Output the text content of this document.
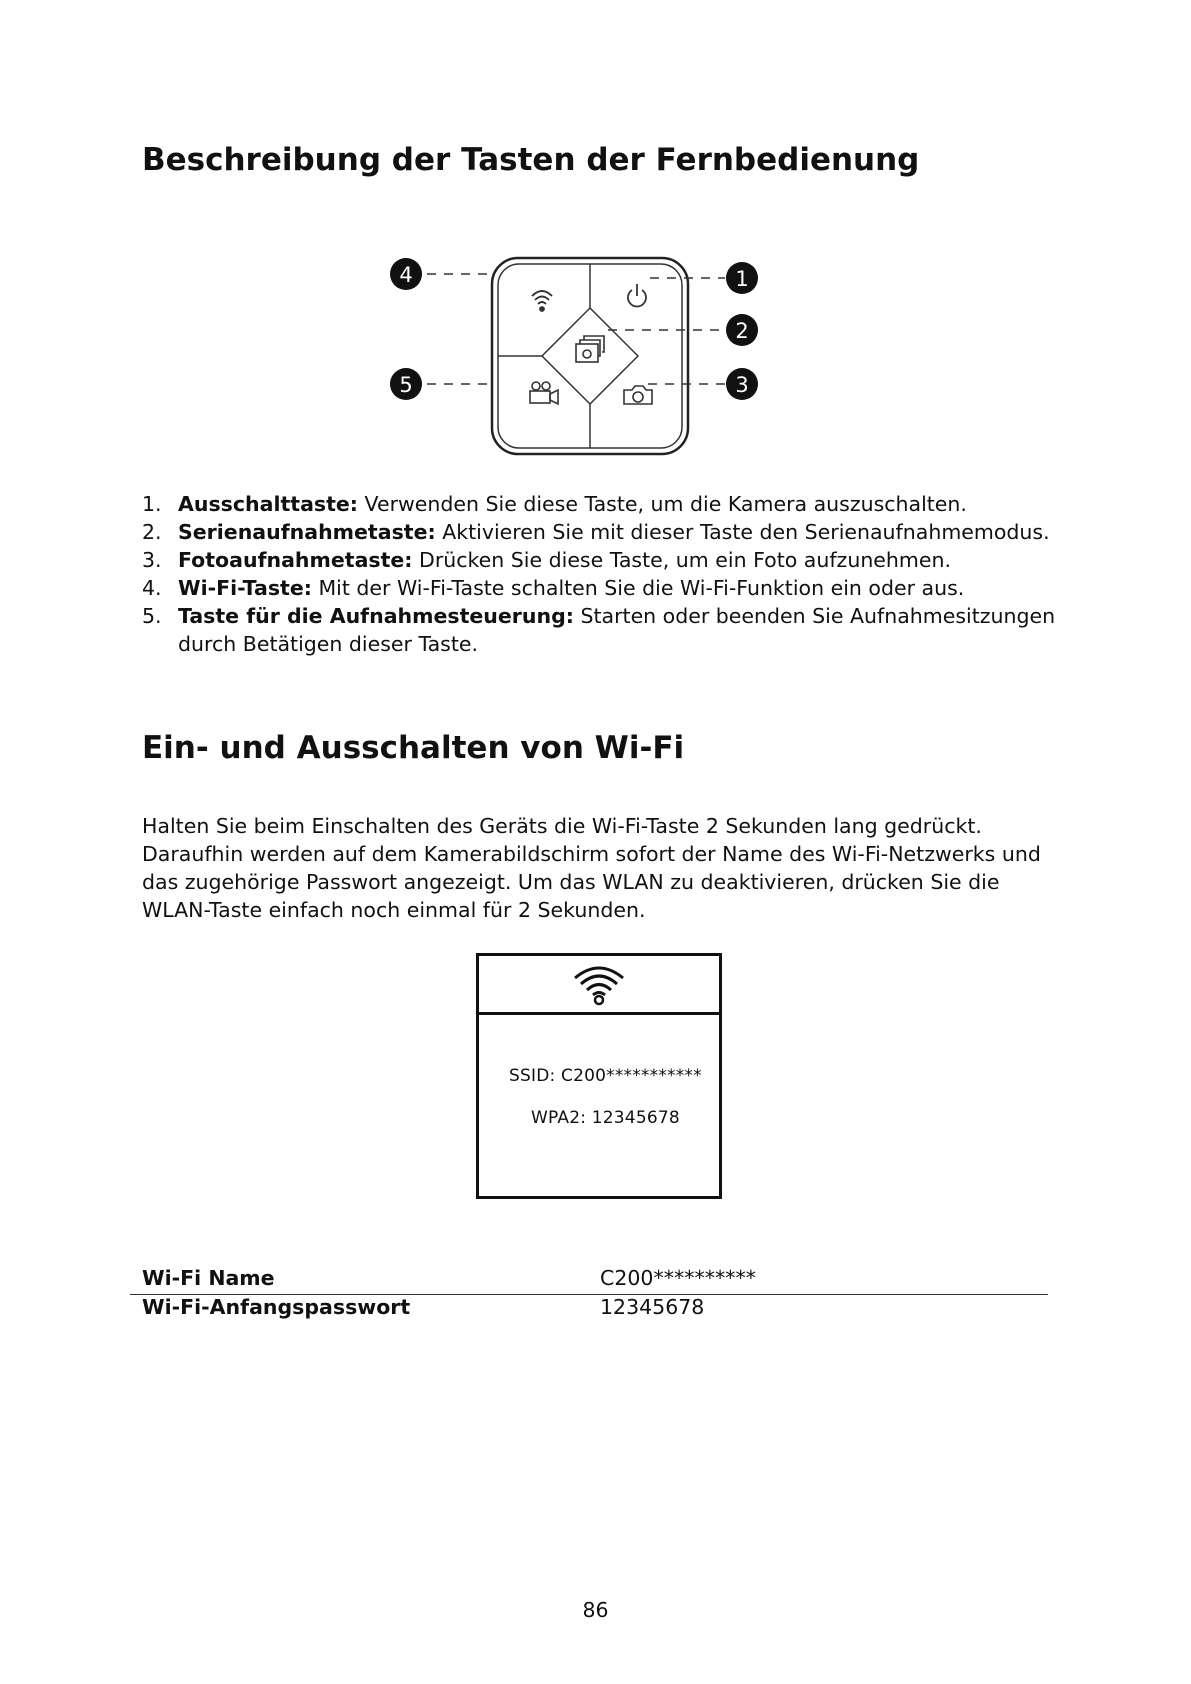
Beschreibung der Tasten der Fernbedienung
4	1
2
5	3
1. Ausschalttaste: Verwenden Sie diese Taste, um die Kamera auszuschalten.
2. Serienaufnahmetaste: Aktivieren Sie mit dieser Taste den Serienaufnahmemodus.
3. Fotoaufnahmetaste: Drücken Sie diese Taste, um ein Foto aufzunehmen.
4. Wi-Fi-Taste: Mit der Wi-Fi-Taste schalten Sie die Wi-Fi-Funktion ein oder aus.
5. Taste für die Aufnahmesteuerung: Starten oder beenden Sie Aufnahmesitzungen durch Betätigen dieser Taste.
Ein- und Ausschalten von Wi-Fi
Halten Sie beim Einschalten des Geräts die Wi-Fi-Taste 2 Sekunden lang gedrückt. Daraufhin werden auf dem Kamerabildschirm sofort der Name des Wi-Fi-Netzwerks und das zugehörige Passwort angezeigt. Um das WLAN zu deaktivieren, drücken Sie die WLAN-Taste einfach noch einmal für 2 Sekunden.
SSID: C200***********
WPA2: 12345678
Wi-Fi Name	C200**********
Wi-Fi-Anfangspasswort	12345678
86
